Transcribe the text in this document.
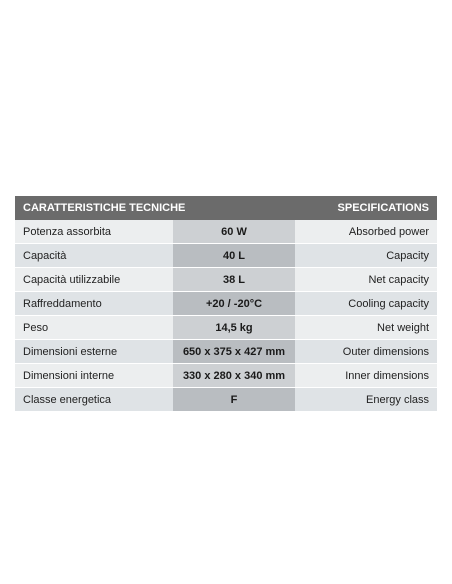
CARATTERISTICHE TECNICHE		SPECIFICATIONS
Potenza assorbita	60 W	Absorbed power
Capacità	40 L	Capacity
Capacità utilizzabile	38 L	Net capacity
Raffreddamento	+20 / -20°C	Cooling capacity
Peso	14,5 kg	Net weight
Dimensioni esterne	650 x 375 x 427 mm	Outer dimensions
Dimensioni interne	330 x 280 x 340 mm	Inner dimensions
Classe energetica	F	Energy class
